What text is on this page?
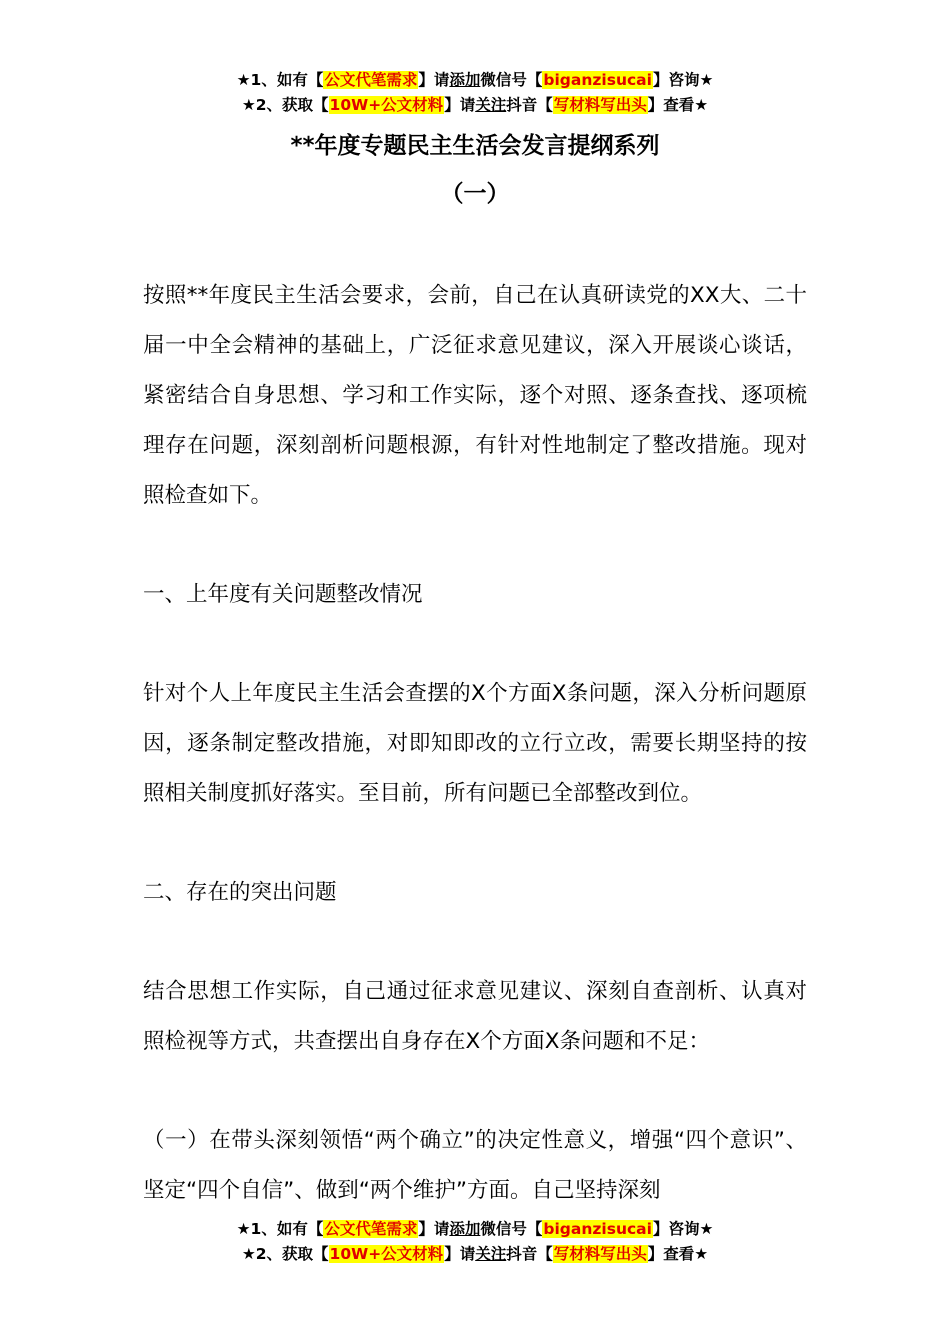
★1、如有【公文代笔需求】请添加微信号【biganzisucai】咨询★
★2、获取【10W+公文材料】请关注抖音【写材料写出头】查看★
**年度专题民主生活会发言提纲系列
（一）

按照**年度民主生活会要求，会前，自己在认真研读党的XX大、二十届一中全会精神的基础上，广泛征求意见建议，深入开展谈心谈话，紧密结合自身思想、学习和工作实际，逐个对照、逐条查找、逐项梳理存在问题，深刻剖析问题根源，有针对性地制定了整改措施。现对照检查如下。

一、上年度有关问题整改情况

针对个人上年度民主生活会查摆的X个方面X条问题，深入分析问题原因，逐条制定整改措施，对即知即改的立行立改，需要长期坚持的按照相关制度抓好落实。至目前，所有问题已全部整改到位。

二、存在的突出问题

结合思想工作实际，自己通过征求意见建议、深刻自查剖析、认真对照检视等方式，共查摆出自身存在X个方面X条问题和不足：

（一）在带头深刻领悟“两个确立”的决定性意义，增强“四个意识”、坚定“四个自信”、做到“两个维护”方面。自己坚持深刻

★1、如有【公文代笔需求】请添加微信号【biganzisucai】咨询★
★2、获取【10W+公文材料】请关注抖音【写材料写出头】查看★
